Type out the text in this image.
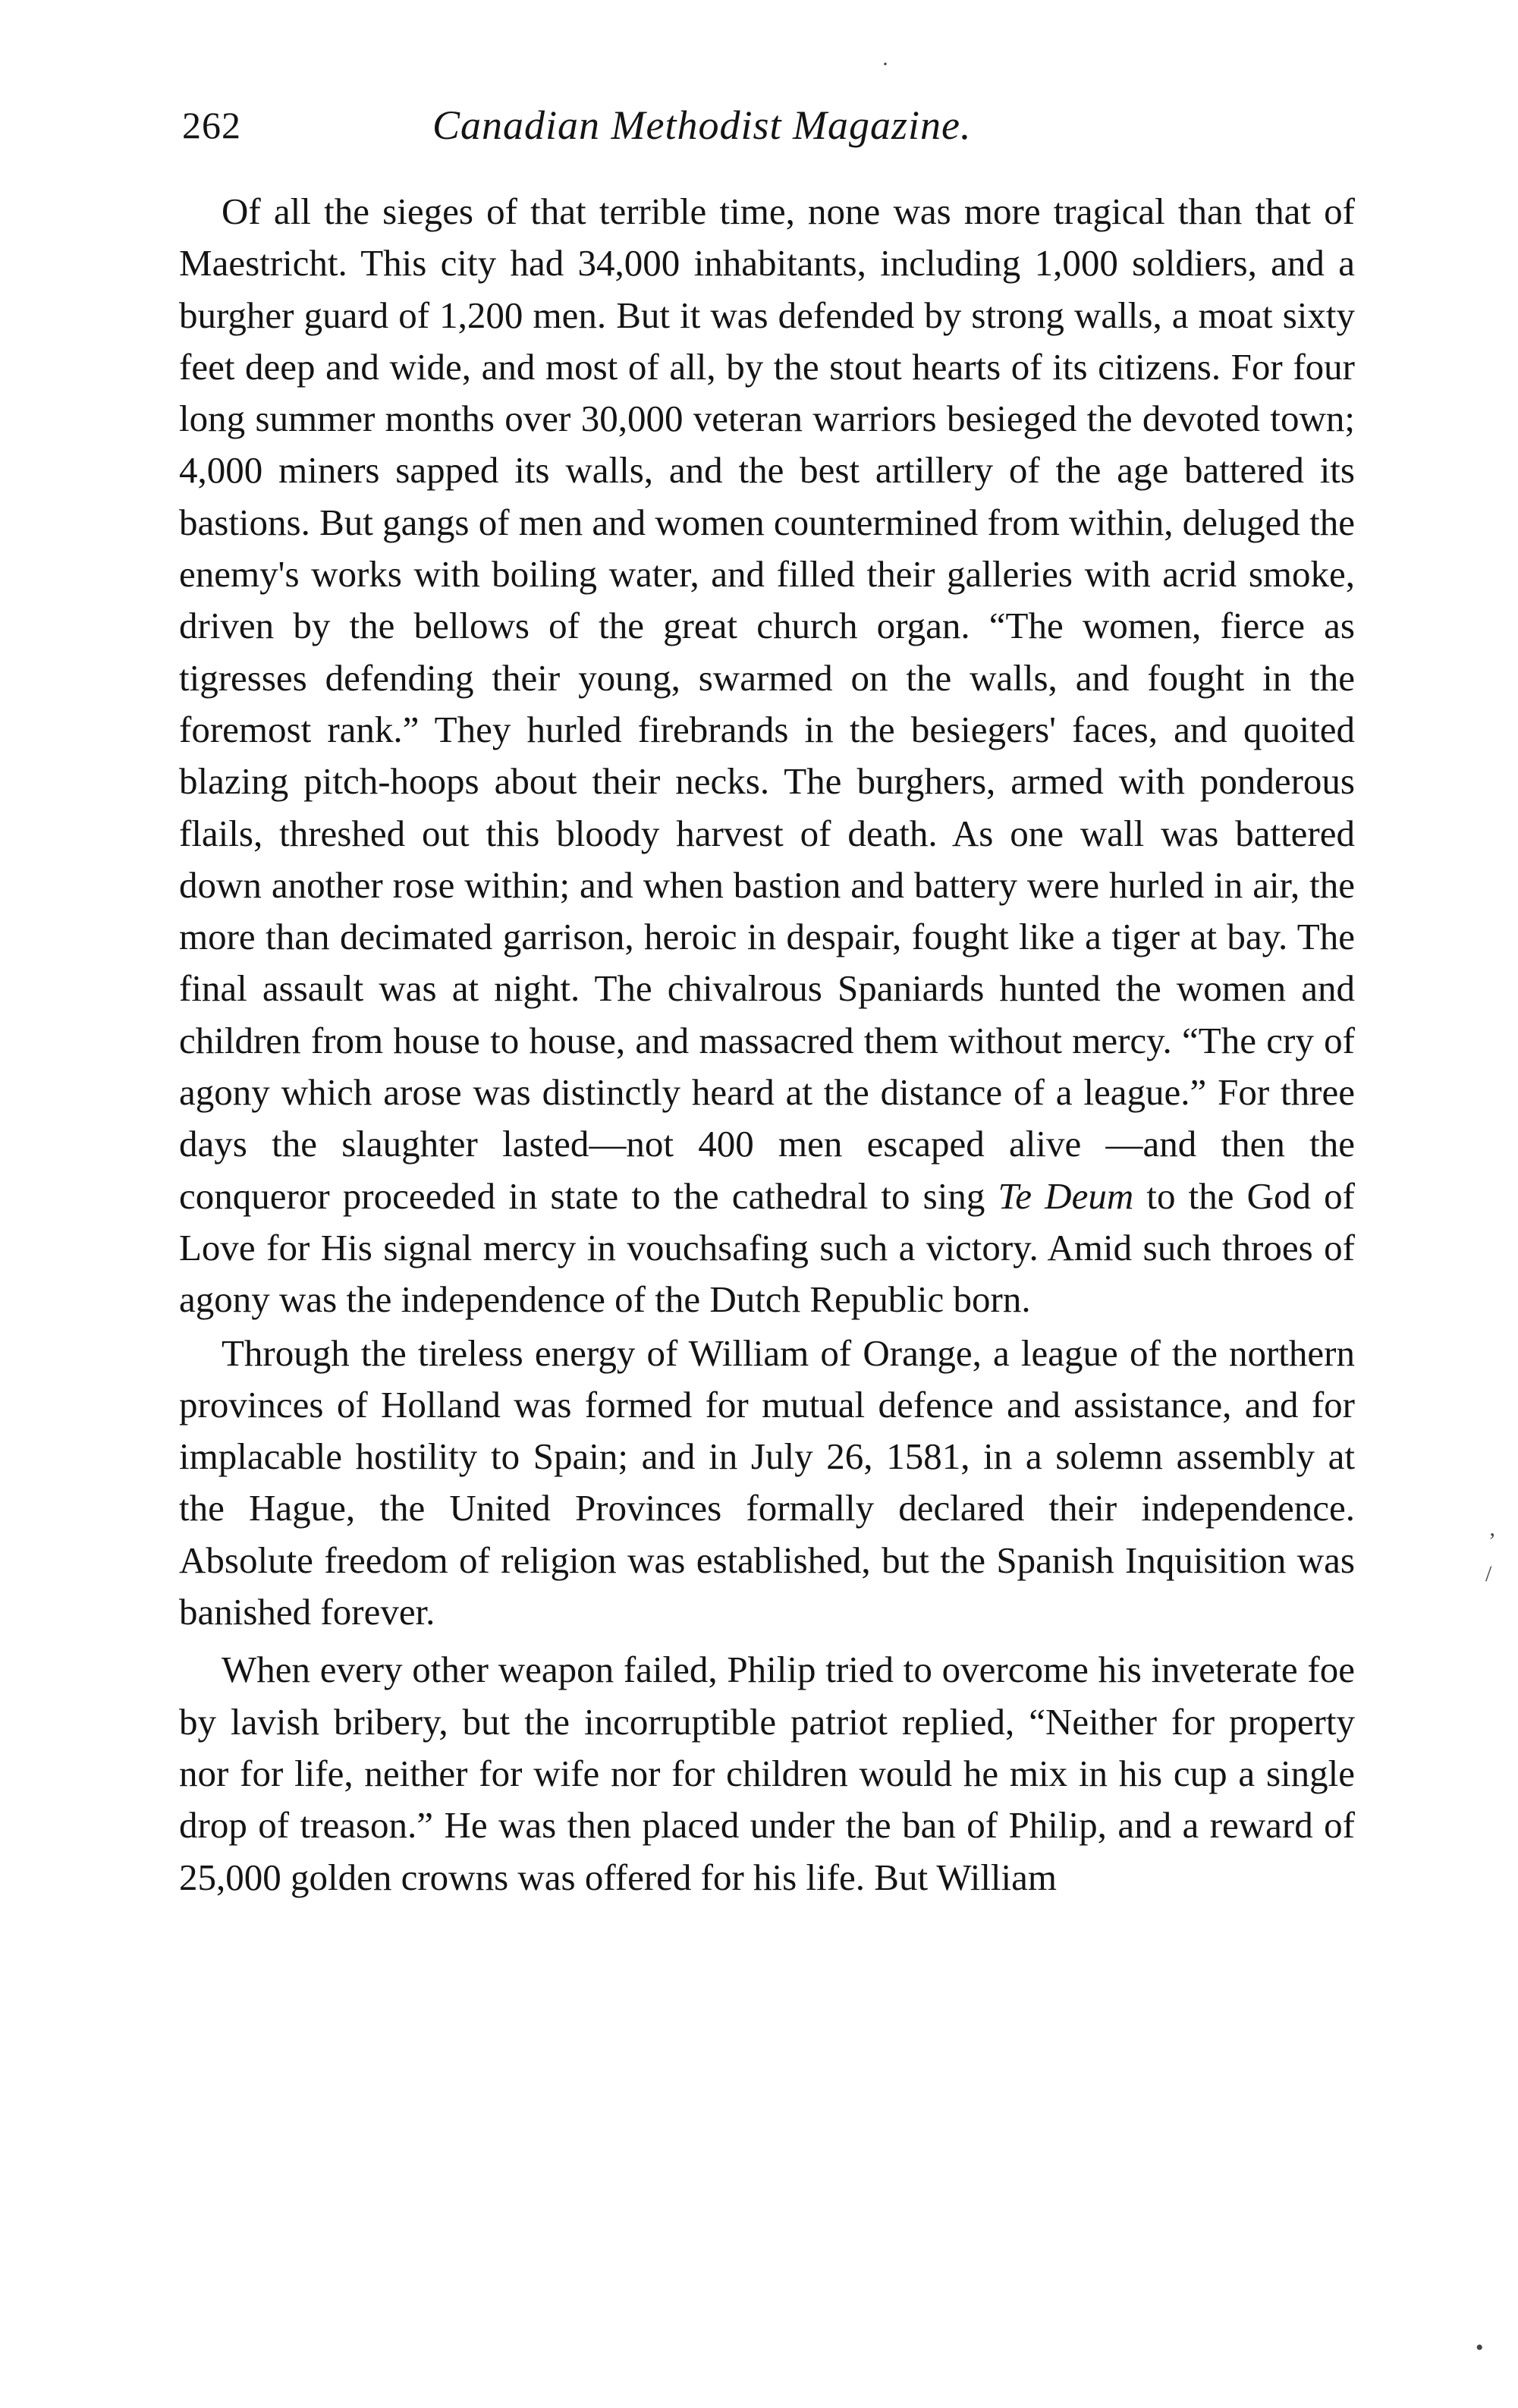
262	Canadian Methodist Magazine.

Of all the sieges of that terrible time, none was more tragical than that of Maestricht. This city had 34,000 inhabitants, including 1,000 soldiers, and a burgher guard of 1,200 men. But it was defended by strong walls, a moat sixty feet deep and wide, and most of all, by the stout hearts of its citizens. For four long summer months over 30,000 veteran warriors besieged the devoted town; 4,000 miners sapped its walls, and the best artillery of the age battered its bastions. But gangs of men and women countermined from within, deluged the enemy's works with boiling water, and filled their galleries with acrid smoke, driven by the bellows of the great church organ. “The women, fierce as tigresses defending their young, swarmed on the walls, and fought in the foremost rank.” They hurled firebrands in the besiegers' faces, and quoited blazing pitch-hoops about their necks. The burghers, armed with ponderous flails, threshed out this bloody harvest of death. As one wall was battered down another rose within; and when bastion and battery were hurled in air, the more than decimated garrison, heroic in despair, fought like a tiger at bay. The final assault was at night. The chivalrous Spaniards hunted the women and children from house to house, and massacred them without mercy. “The cry of agony which arose was distinctly heard at the distance of a league.” For three days the slaughter lasted—not 400 men escaped alive —and then the conqueror proceeded in state to the cathedral to sing Te Deum to the God of Love for His signal mercy in vouchsafing such a victory. Amid such throes of agony was the independence of the Dutch Republic born.

Through the tireless energy of William of Orange, a league of the northern provinces of Holland was formed for mutual defence and assistance, and for implacable hostility to Spain; and in July 26, 1581, in a solemn assembly at the Hague, the United Provinces formally declared their independence. Absolute freedom of religion was established, but the Spanish Inquisition was banished forever.

When every other weapon failed, Philip tried to overcome his inveterate foe by lavish bribery, but the incorruptible patriot replied, “Neither for property nor for life, neither for wife nor for children would he mix in his cup a single drop of treason.” He was then placed under the ban of Philip, and a reward of 25,000 golden crowns was offered for his life. But William

·
‚
/
•
